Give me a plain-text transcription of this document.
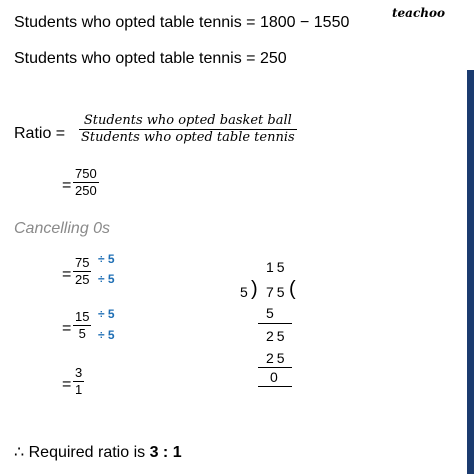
teachoo
Students who opted table tennis = 1800 − 1550
Students who opted table tennis = 250
Ratio =
Students who opted basket ball
Students who opted table tennis
=
750
250
Cancelling 0s
=
75
25
÷ 5
÷ 5
=
15
5
÷ 5
÷ 5
=
3
1
15
5 ) 75 (
5
25
25
0
∴ Required ratio is 3 : 1
